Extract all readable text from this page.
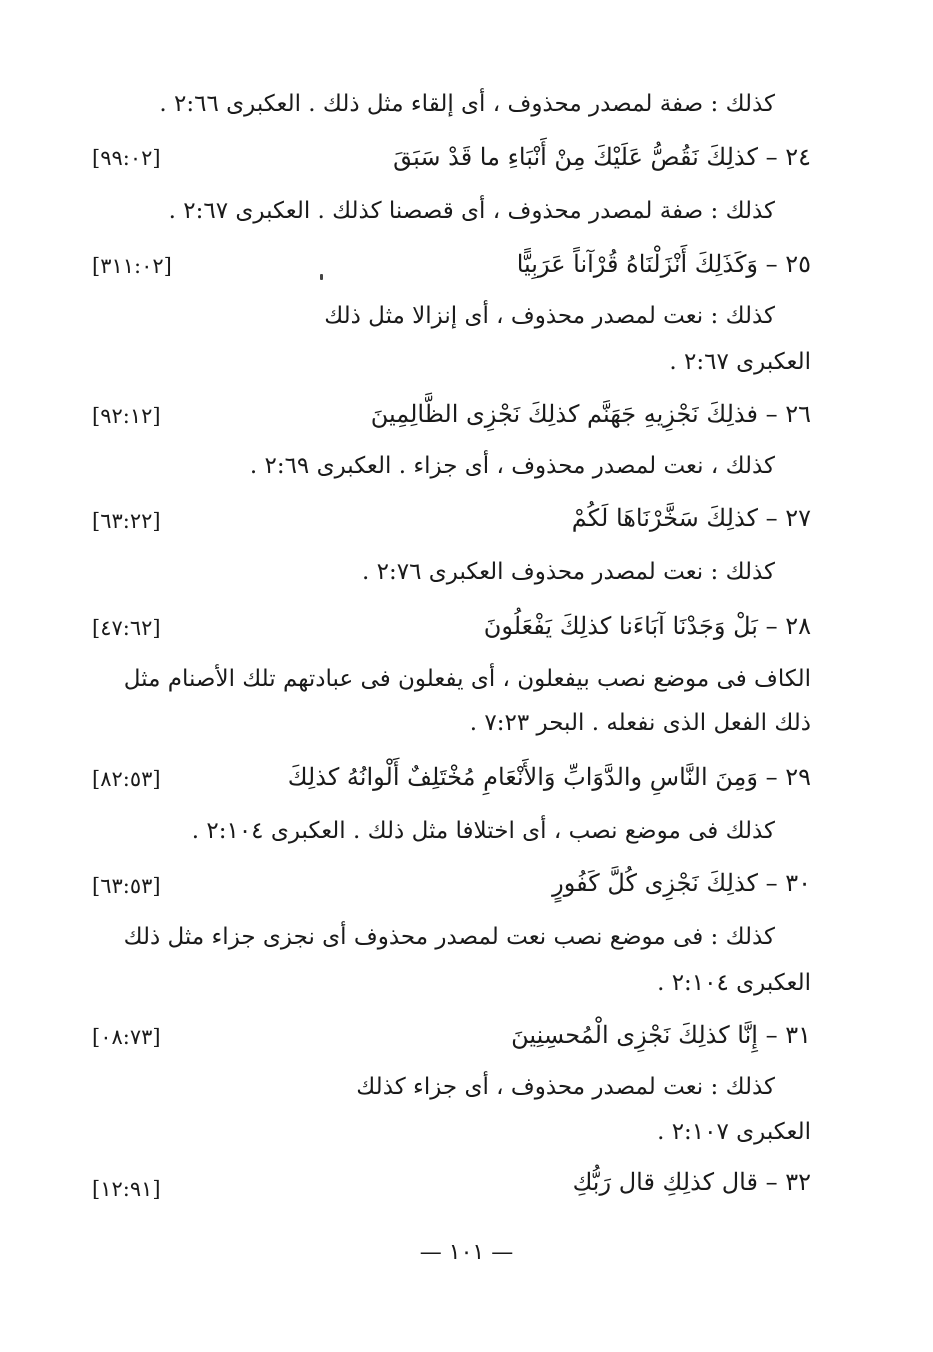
كذلك : صفة لمصدر محذوف ، أى إلقاء مثل ذلك . العكبرى ٢:٦٦ .
٢٤ – كذلِكَ نَقُصُّ عَلَيْكَ مِنْ أَنْبَاءِ ما قَدْ سَبَقَ
[٢٠:٩٩]
كذلك : صفة لمصدر محذوف ، أى قصصنا كذلك . العكبرى ٢:٦٧ .
٢٥ – وَكَذَلِكَ أَنْزَلْنَاهُ قُرْآناً عَرَبِيًّا
[٢٠:١١٣]
كذلك : نعت لمصدر محذوف ، أى إنزالا مثل ذلك
العكبرى ٢:٦٧ .
٢٦ – فذلِكَ نَجْزِيهِ جَهَنَّم كذلِكَ نَجْزِى الظَّالِمِينَ
[٢١:٢٩]
كذلك ، نعت لمصدر محذوف ، أى جزاء . العكبرى ٢:٦٩ .
٢٧ – كذلِكَ سَخَّرْنَاهَا لَكُمْ
[٢٢:٣٦]
كذلك : نعت لمصدر محذوف العكبرى ٢:٧٦ .
٢٨ – بَلْ وَجَدْنَا آبَاءَنا كذلِكَ يَفْعَلُونَ
[٢٦:٧٤]
الكاف فى موضع نصب بيفعلون ، أى يفعلون فى عبادتهم تلك الأصنام مثل
ذلك الفعل الذى نفعله . البحر ٧:٢٣ .
٢٩ – وَمِنَ النَّاسِ والدَّوَابِّ وَالأَنْعَامِ مُخْتَلِفٌ أَلْوانُهُ كذلِكَ
[٣٥:٢٨]
كذلك فى موضع نصب ، أى اختلافا مثل ذلك . العكبرى ٢:١٠٤ .
٣٠ – كذلِكَ نَجْزِى كُلَّ كَفُورٍ
[٣٥:٣٦]
كذلك : فى موضع نصب نعت لمصدر محذوف أى نجزى جزاء مثل ذلك
العكبرى ٢:١٠٤ .
٣١ – إِنَّا كذلِكَ نَجْزِى الْمُحسِنِينَ
[٣٧:٨٠]
كذلك : نعت لمصدر محذوف ، أى جزاء كذلك
العكبرى ٢:١٠٧ .
٣٢ – قال كذلِكِ قال رَبُّكِ
[١٩:٢١]
— ١٠١ —
